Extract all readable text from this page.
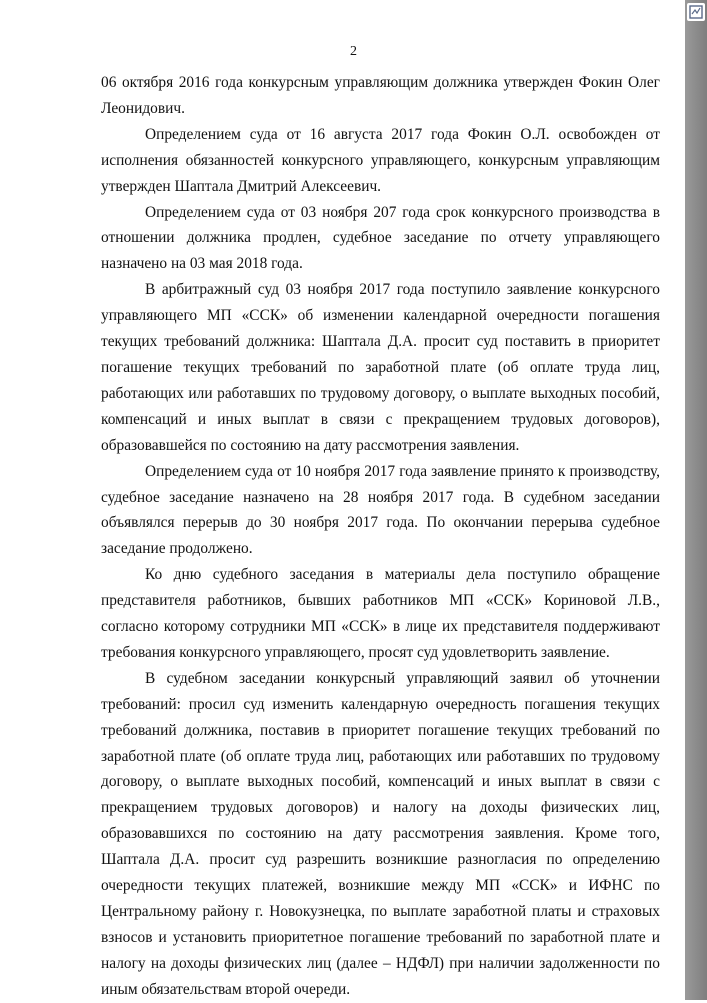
2

06 октября 2016 года конкурсным управляющим должника утвержден Фокин Олег Леонидович.

Определением суда от 16 августа 2017 года Фокин О.Л. освобожден от исполнения обязанностей конкурсного управляющего, конкурсным управляющим утвержден Шаптала Дмитрий Алексеевич.

Определением суда от 03 ноября 207 года срок конкурсного производства в отношении должника продлен, судебное заседание по отчету управляющего назначено на 03 мая 2018 года.

В арбитражный суд 03 ноября 2017 года поступило заявление конкурсного управляющего МП «ССК» об изменении календарной очередности погашения текущих требований должника: Шаптала Д.А. просит суд поставить в приоритет погашение текущих требований по заработной плате (об оплате труда лиц, работающих или работавших по трудовому договору, о выплате выходных пособий, компенсаций и иных выплат в связи с прекращением трудовых договоров), образовавшейся по состоянию на дату рассмотрения заявления.

Определением суда от 10 ноября 2017 года заявление принято к производству, судебное заседание назначено на 28 ноября 2017 года. В судебном заседании объявлялся перерыв до 30 ноября 2017 года. По окончании перерыва судебное заседание продолжено.

Ко дню судебного заседания в материалы дела поступило обращение представителя работников, бывших работников МП «ССК» Кориновой Л.В., согласно которому сотрудники МП «ССК» в лице их представителя поддерживают требования конкурсного управляющего, просят суд удовлетворить заявление.

В судебном заседании конкурсный управляющий заявил об уточнении требований: просил суд изменить календарную очередность погашения текущих требований должника, поставив в приоритет погашение текущих требований по заработной плате (об оплате труда лиц, работающих или работавших по трудовому договору, о выплате выходных пособий, компенсаций и иных выплат в связи с прекращением трудовых договоров) и налогу на доходы физических лиц, образовавшихся по состоянию на дату рассмотрения заявления. Кроме того, Шаптала Д.А. просит суд разрешить возникшие разногласия по определению очередности текущих платежей, возникшие между МП «ССК» и ИФНС по Центральному району г. Новокузнецка, по выплате заработной платы и страховых взносов и установить приоритетное погашение требований по заработной плате и налогу на доходы физических лиц (далее – НДФЛ) при наличии задолженности по иным обязательствам второй очереди.
